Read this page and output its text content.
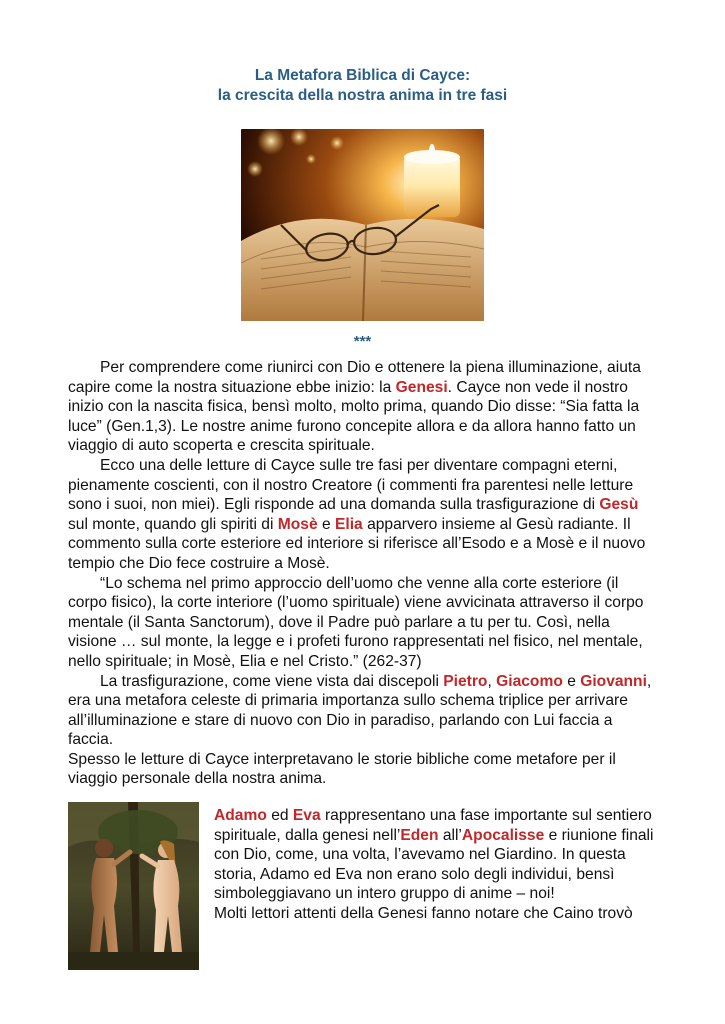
La Metafora Biblica di Cayce:
la crescita della nostra anima in tre fasi
***

Per comprendere come riunirci con Dio e ottenere la piena illuminazione, aiuta capire come la nostra situazione ebbe inizio: la Genesi. Cayce non vede il nostro inizio con la nascita fisica, bensì molto, molto prima, quando Dio disse: “Sia fatta la luce” (Gen.1,3). Le nostre anime furono concepite allora e da allora hanno fatto un viaggio di auto scoperta e crescita spirituale.

Ecco una delle letture di Cayce sulle tre fasi per diventare compagni eterni, pienamente coscienti, con il nostro Creatore (i commenti fra parentesi nelle letture sono i suoi, non miei). Egli risponde ad una domanda sulla trasfigurazione di Gesù sul monte, quando gli spiriti di Mosè e Elia apparvero insieme al Gesù radiante. Il commento sulla corte esteriore ed interiore si riferisce all’Esodo e a Mosè e il nuovo tempio che Dio fece costruire a Mosè.

“Lo schema nel primo approccio dell’uomo che venne alla corte esteriore (il corpo fisico), la corte interiore (l’uomo spirituale) viene avvicinata attraverso il corpo mentale (il Santa Sanctorum), dove il Padre può parlare a tu per tu. Così, nella visione … sul monte, la legge e i profeti furono rappresentati nel fisico, nel mentale, nello spirituale; in Mosè, Elia e nel Cristo.” (262-37)

La trasfigurazione, come viene vista dai discepoli Pietro, Giacomo e Giovanni, era una metafora celeste di primaria importanza sullo schema triplice per arrivare all’illuminazione e stare di nuovo con Dio in paradiso, parlando con Lui faccia a faccia.

Spesso le letture di Cayce interpretavano le storie bibliche come metafore per il viaggio personale della nostra anima.

Adamo ed Eva rappresentano una fase importante sul sentiero spirituale, dalla genesi nell’Eden all’Apocalisse e riunione finali con Dio, come, una volta, l’avevamo nel Giardino. In questa storia, Adamo ed Eva non erano solo degli individui, bensì simboleggiavano un intero gruppo di anime – noi!

Molti lettori attenti della Genesi fanno notare che Caino trovò
